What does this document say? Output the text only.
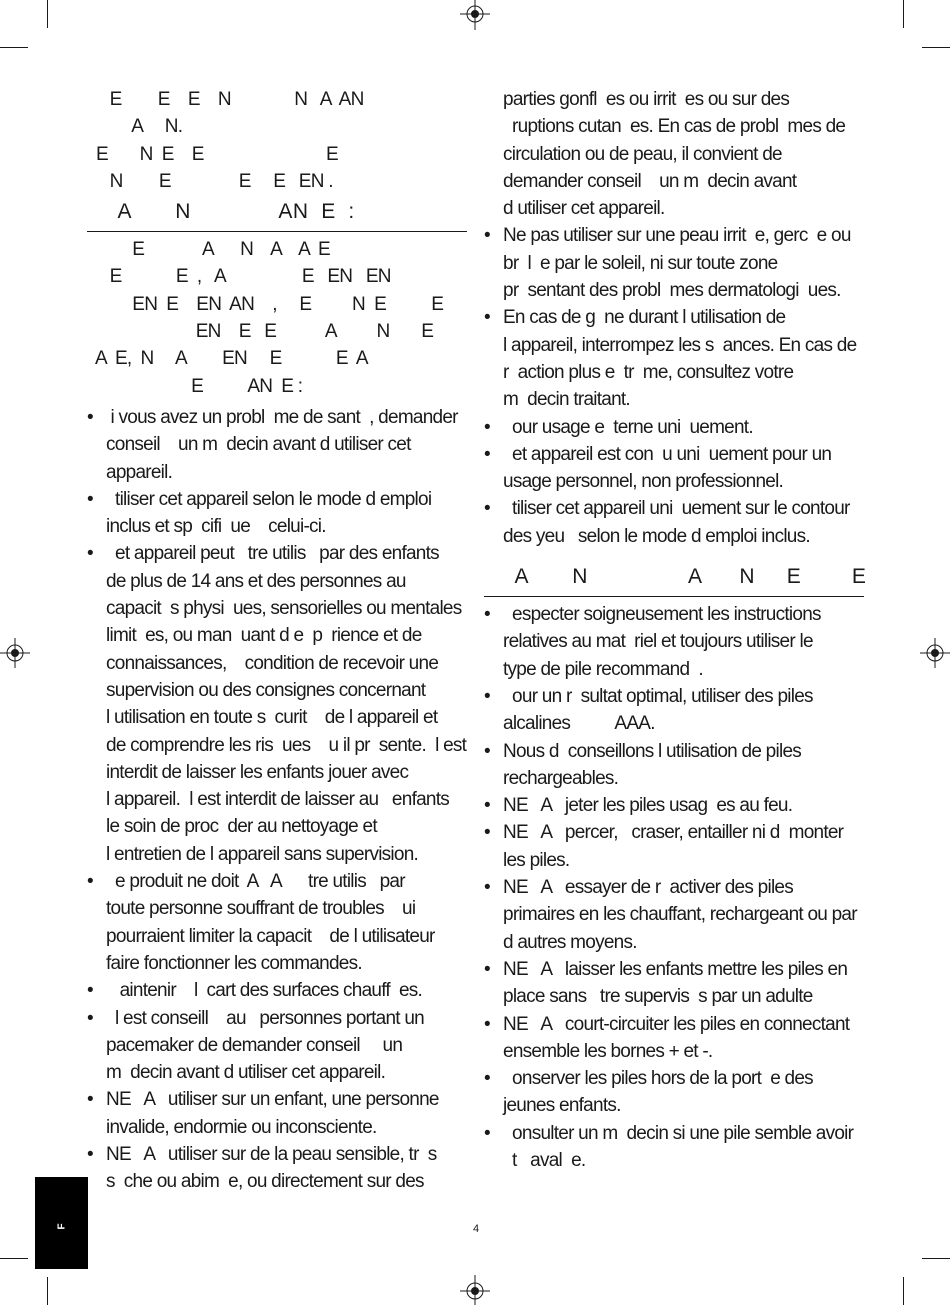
E        E    E    N              N   A  AN
A     N.
E       N  E    E                           E
N        E               E     E   EN .

A       N              AN  E  :

E             A      N    A    A  E
E            E  ,   A                 E   EN   EN
EN  E    EN  AN    ,     E         N  E          E
EN    E   E           A         N       E
A  E,  N     A        EN     E            E  A
E          AN  E :

•  i vous avez un probl  me de sant  , demander
conseil    un m  decin avant d utiliser cet
appareil.
•   tiliser cet appareil selon le mode d emploi
inclus et sp  cifi  ue    celui-ci.
•   et appareil peut   tre utilis   par des enfants
de plus de 14 ans et des personnes au
capacit  s physi  ues, sensorielles ou mentales
limit  es, ou man  uant d e  p  rience et de
connaissances,    condition de recevoir une
supervision ou des consignes concernant
l utilisation en toute s  curit    de l appareil et
de comprendre les ris  ues    u il pr  sente.  l est
interdit de laisser les enfants jouer avec
l appareil.  l est interdit de laisser au   enfants
le soin de proc  der au nettoyage et
l entretien de l appareil sans supervision.
•   e produit ne doit  A   A      tre utilis   par
toute personne souffrant de troubles    ui
pourraient limiter la capacit    de l utilisateur
faire fonctionner les commandes.
•    aintenir    l  cart des surfaces chauff  es.
•   l est conseill    au   personnes portant un
pacemaker de demander conseil     un
m  decin avant d utiliser cet appareil.
• NE   A   utiliser sur un enfant, une personne
invalide, endormie ou inconsciente.
• NE   A   utiliser sur de la peau sensible, tr  s
s  che ou abim  e, ou directement sur des

parties gonfl  es ou irrit  es ou sur des
ruptions cutan  es. En cas de probl  mes de
circulation ou de peau, il convient de
demander conseil    un m  decin avant
d utiliser cet appareil.

• Ne pas utiliser sur une peau irrit  e, gerc  e ou
br  l  e par le soleil, ni sur toute zone
pr  sentant des probl  mes dermatologi  ues.
• En cas de g  ne durant l utilisation de
l appareil, interrompez les s  ances. En cas de
r  action plus e  tr  me, consultez votre
m  decin traitant.
•   our usage e  terne uni  uement.
•   et appareil est con  u uni  uement pour un
usage personnel, non professionnel.
•   tiliser cet appareil uni  uement sur le contour
des yeu   selon le mode d emploi inclus.

A       N                A      N     E        E

•   especter soigneusement les instructions
relatives au mat  riel et toujours utiliser le
type de pile recommand  .
•   our un r  sultat optimal, utiliser des piles
alcalines          AAA.
• Nous d  conseillons l utilisation de piles
rechargeables.
• NE   A   jeter les piles usag  es au feu.
• NE   A   percer,   craser, entailler ni d  monter
les piles.
• NE   A   essayer de r  activer des piles
primaires en les chauffant, rechargeant ou par
d autres moyens.
• NE   A   laisser les enfants mettre les piles en
place sans   tre supervis  s par un adulte
• NE   A   court-circuiter les piles en connectant
ensemble les bornes + et -.
•   onserver les piles hors de la port  e des
jeunes enfants.
•   onsulter un m  decin si une pile semble avoir
t   aval  e.
F	4
